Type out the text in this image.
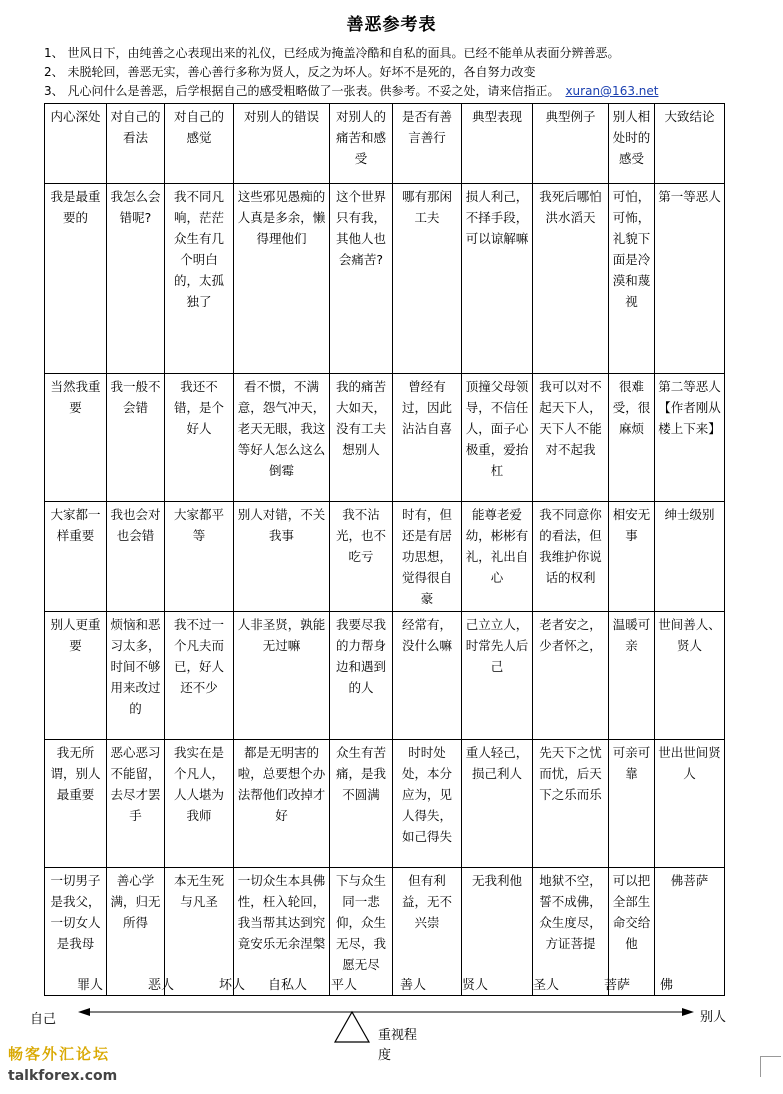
善恶参考表
1、 世风日下，由纯善之心表现出来的礼仪，已经成为掩盖冷酷和自私的面具。已经不能单从表面分辨善恶。
2、 未脱轮回，善恶无实，善心善行多称为贤人，反之为坏人。好坏不是死的，各自努力改变
3、 凡心问什么是善恶，后学根据自己的感受粗略做了一张表。供参考。不妥之处，请来信指正。 xuran@163.net
内心深处	对自己的看法	对自己的感觉	对别人的错误	对别人的痛苦和感受	是否有善言善行	典型表现	典型例子	别人相处时的感受	大致结论
我是最重要的	我怎么会错呢?	我不同凡响，茫茫众生有几个明白的，太孤独了	这些邪见愚痴的人真是多余，懒得理他们	这个世界只有我，其他人也会痛苦?	哪有那闲工夫	损人利己，不择手段，可以谅解嘛	我死后哪怕洪水滔天	可怕，可怖，礼貌下面是冷漠和蔑视	第一等恶人
当然我重要	我一般不会错	我还不错，是个好人	看不惯，不满意，怨气冲天，老天无眼，我这等好人怎么这么倒霉	我的痛苦大如天，没有工夫想别人	曾经有过，因此沾沾自喜	顶撞父母领导，不信任人，面子心极重，爱抬杠	我可以对不起天下人，天下人不能对不起我	很难受，很麻烦	第二等恶人【作者刚从楼上下来】
大家都一样重要	我也会对也会错	大家都平等	别人对错，不关我事	我不沾光，也不吃亏	时有，但还是有居功思想，觉得很自豪	能尊老爱幼，彬彬有礼，礼出自心	我不同意你的看法，但我维护你说话的权利	相安无事	绅士级别
别人更重要	烦恼和恶习太多，时间不够用来改过的	我不过一个凡夫而已，好人还不少	人非圣贤，孰能无过嘛	我要尽我的力帮身边和遇到的人	经常有，没什么嘛	己立立人，时常先人后己	老者安之，少者怀之，	温暖可亲	世间善人、贤人
我无所谓，别人最重要	恶心恶习不能留，去尽才罢手	我实在是个凡人，人人堪为我师	都是无明害的啦，总要想个办法帮他们改掉才好	众生有苦痛，是我不圆满	时时处处，本分应为，见人得失，如己得失	重人轻己，损己利人	先天下之忧而忧，后天下之乐而乐	可亲可靠	世出世间贤人
一切男子是我父，一切女人是我母	善心学满，归无所得	本无生死与凡圣	一切众生本具佛性，枉入轮回，我当帮其达到究竟安乐无余涅槃	下与众生同一悲仰，众生无尽，我愿无尽	但有利益，无不兴崇	无我利他	地狱不空，誓不成佛，众生度尽，方证菩提	可以把全部生命交给他	佛菩萨
罪人	恶人	坏人 自私人 平人	善人	贤人	圣人	菩萨 佛
自己	别人
重视程度
畅客外汇论坛
talkforex.com
